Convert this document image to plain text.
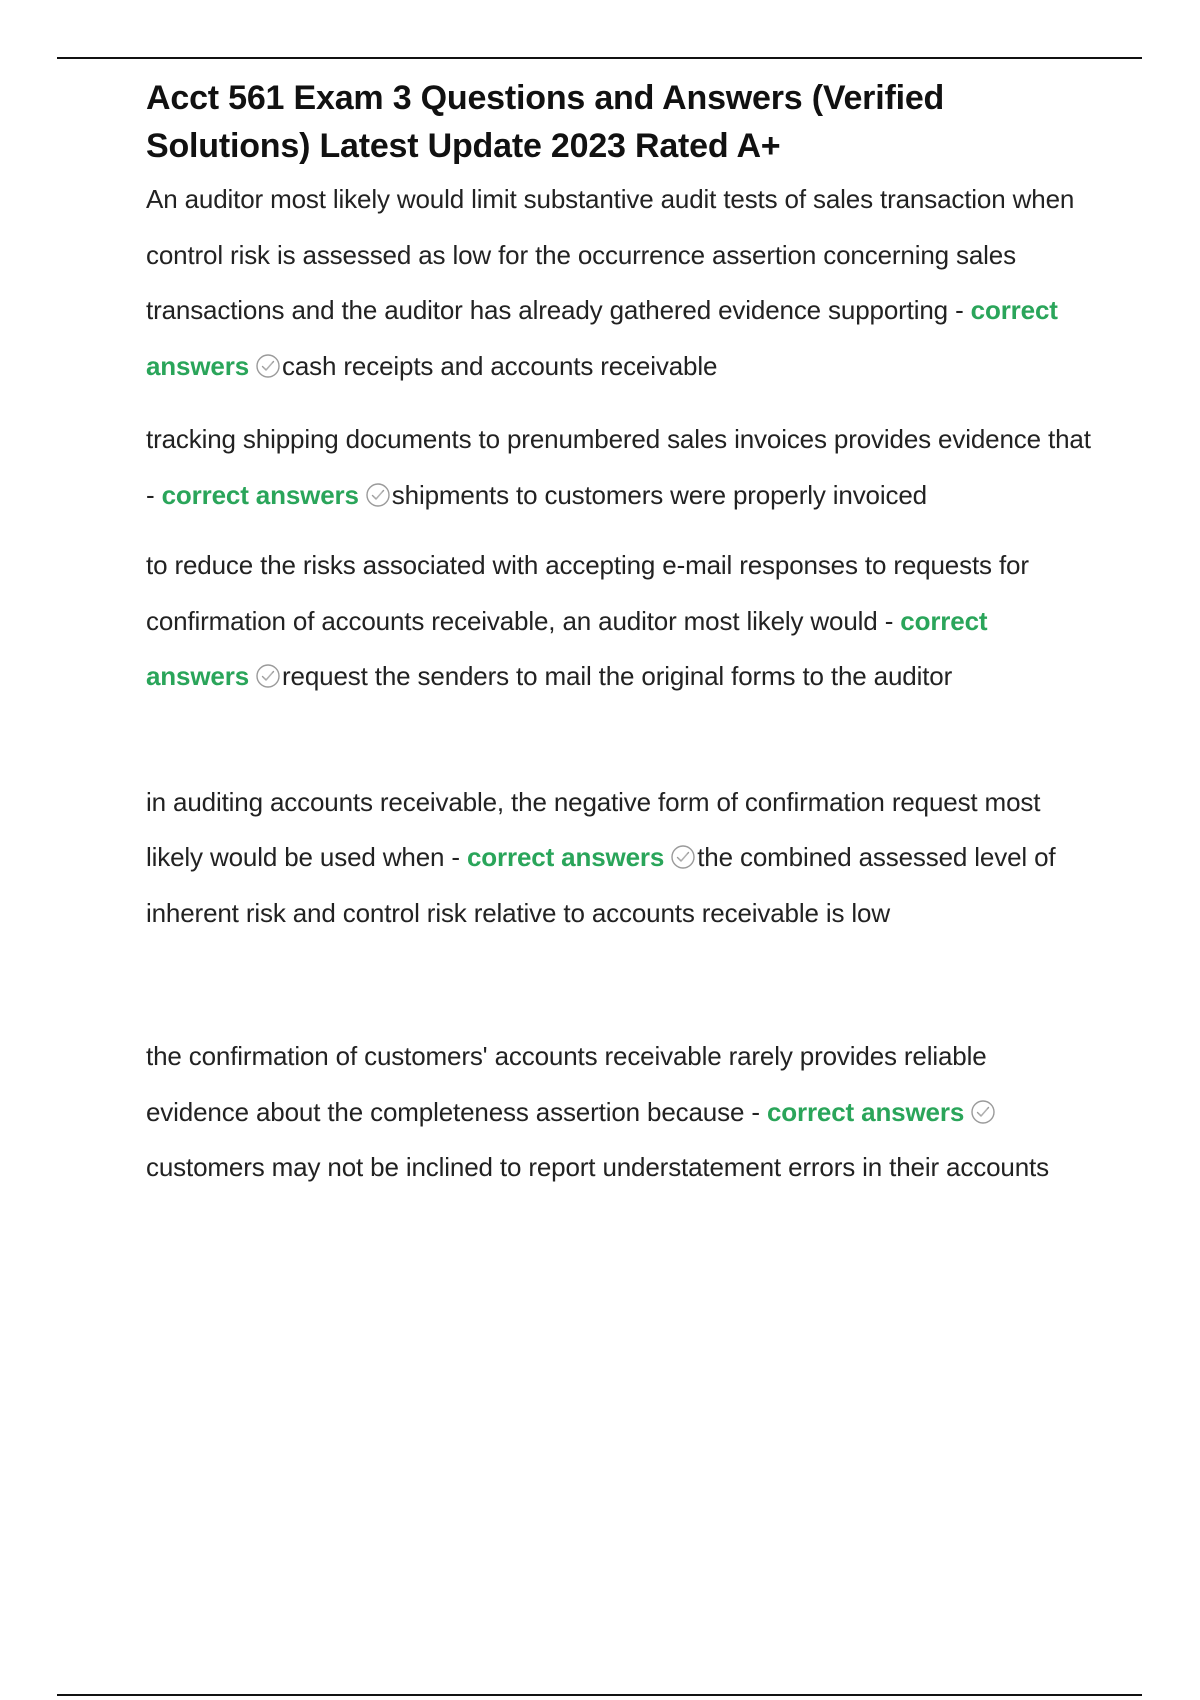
Acct 561 Exam 3 Questions and Answers (Verified Solutions) Latest Update 2023 Rated A+

An auditor most likely would limit substantive audit tests of sales transaction when control risk is assessed as low for the occurrence assertion concerning sales transactions and the auditor has already gathered evidence supporting - correct answers cash receipts and accounts receivable

tracking shipping documents to prenumbered sales invoices provides evidence that - correct answers shipments to customers were properly invoiced

to reduce the risks associated with accepting e-mail responses to requests for confirmation of accounts receivable, an auditor most likely would - correct answers request the senders to mail the original forms to the auditor

in auditing accounts receivable, the negative form of confirmation request most likely would be used when - correct answers the combined assessed level of inherent risk and control risk relative to accounts receivable is low

the confirmation of customers' accounts receivable rarely provides reliable evidence about the completeness assertion because - correct answers
customers may not be inclined to report understatement errors in their accounts
